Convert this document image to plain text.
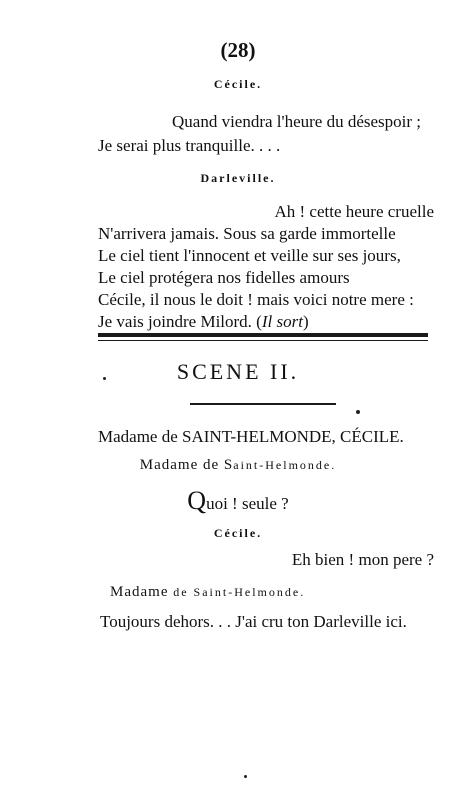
(28)
Cécile.
Quand viendra l'heure du désespoir ;
Je serai plus tranquille. . . .
Darleville.
Ah ! cette heure cruelle
N'arrivera jamais. Sous sa garde immortelle
Le ciel tient l'innocent et veille sur ses jours,
Le ciel protégera nos fidelles amours
Cécile, il nous le doit ! mais voici notre mere :
Je vais joindre Milord. (Il sort)
SCENE II.
Madame de SAINT-HELMONDE, CÉCILE.
Madame de Saint-Helmonde.
Quoi ! seule ?
Cécile.
Eh bien ! mon pere ?
Madame de Saint-Helmonde.
Toujours dehors. . . J'ai cru ton Darleville ici.
